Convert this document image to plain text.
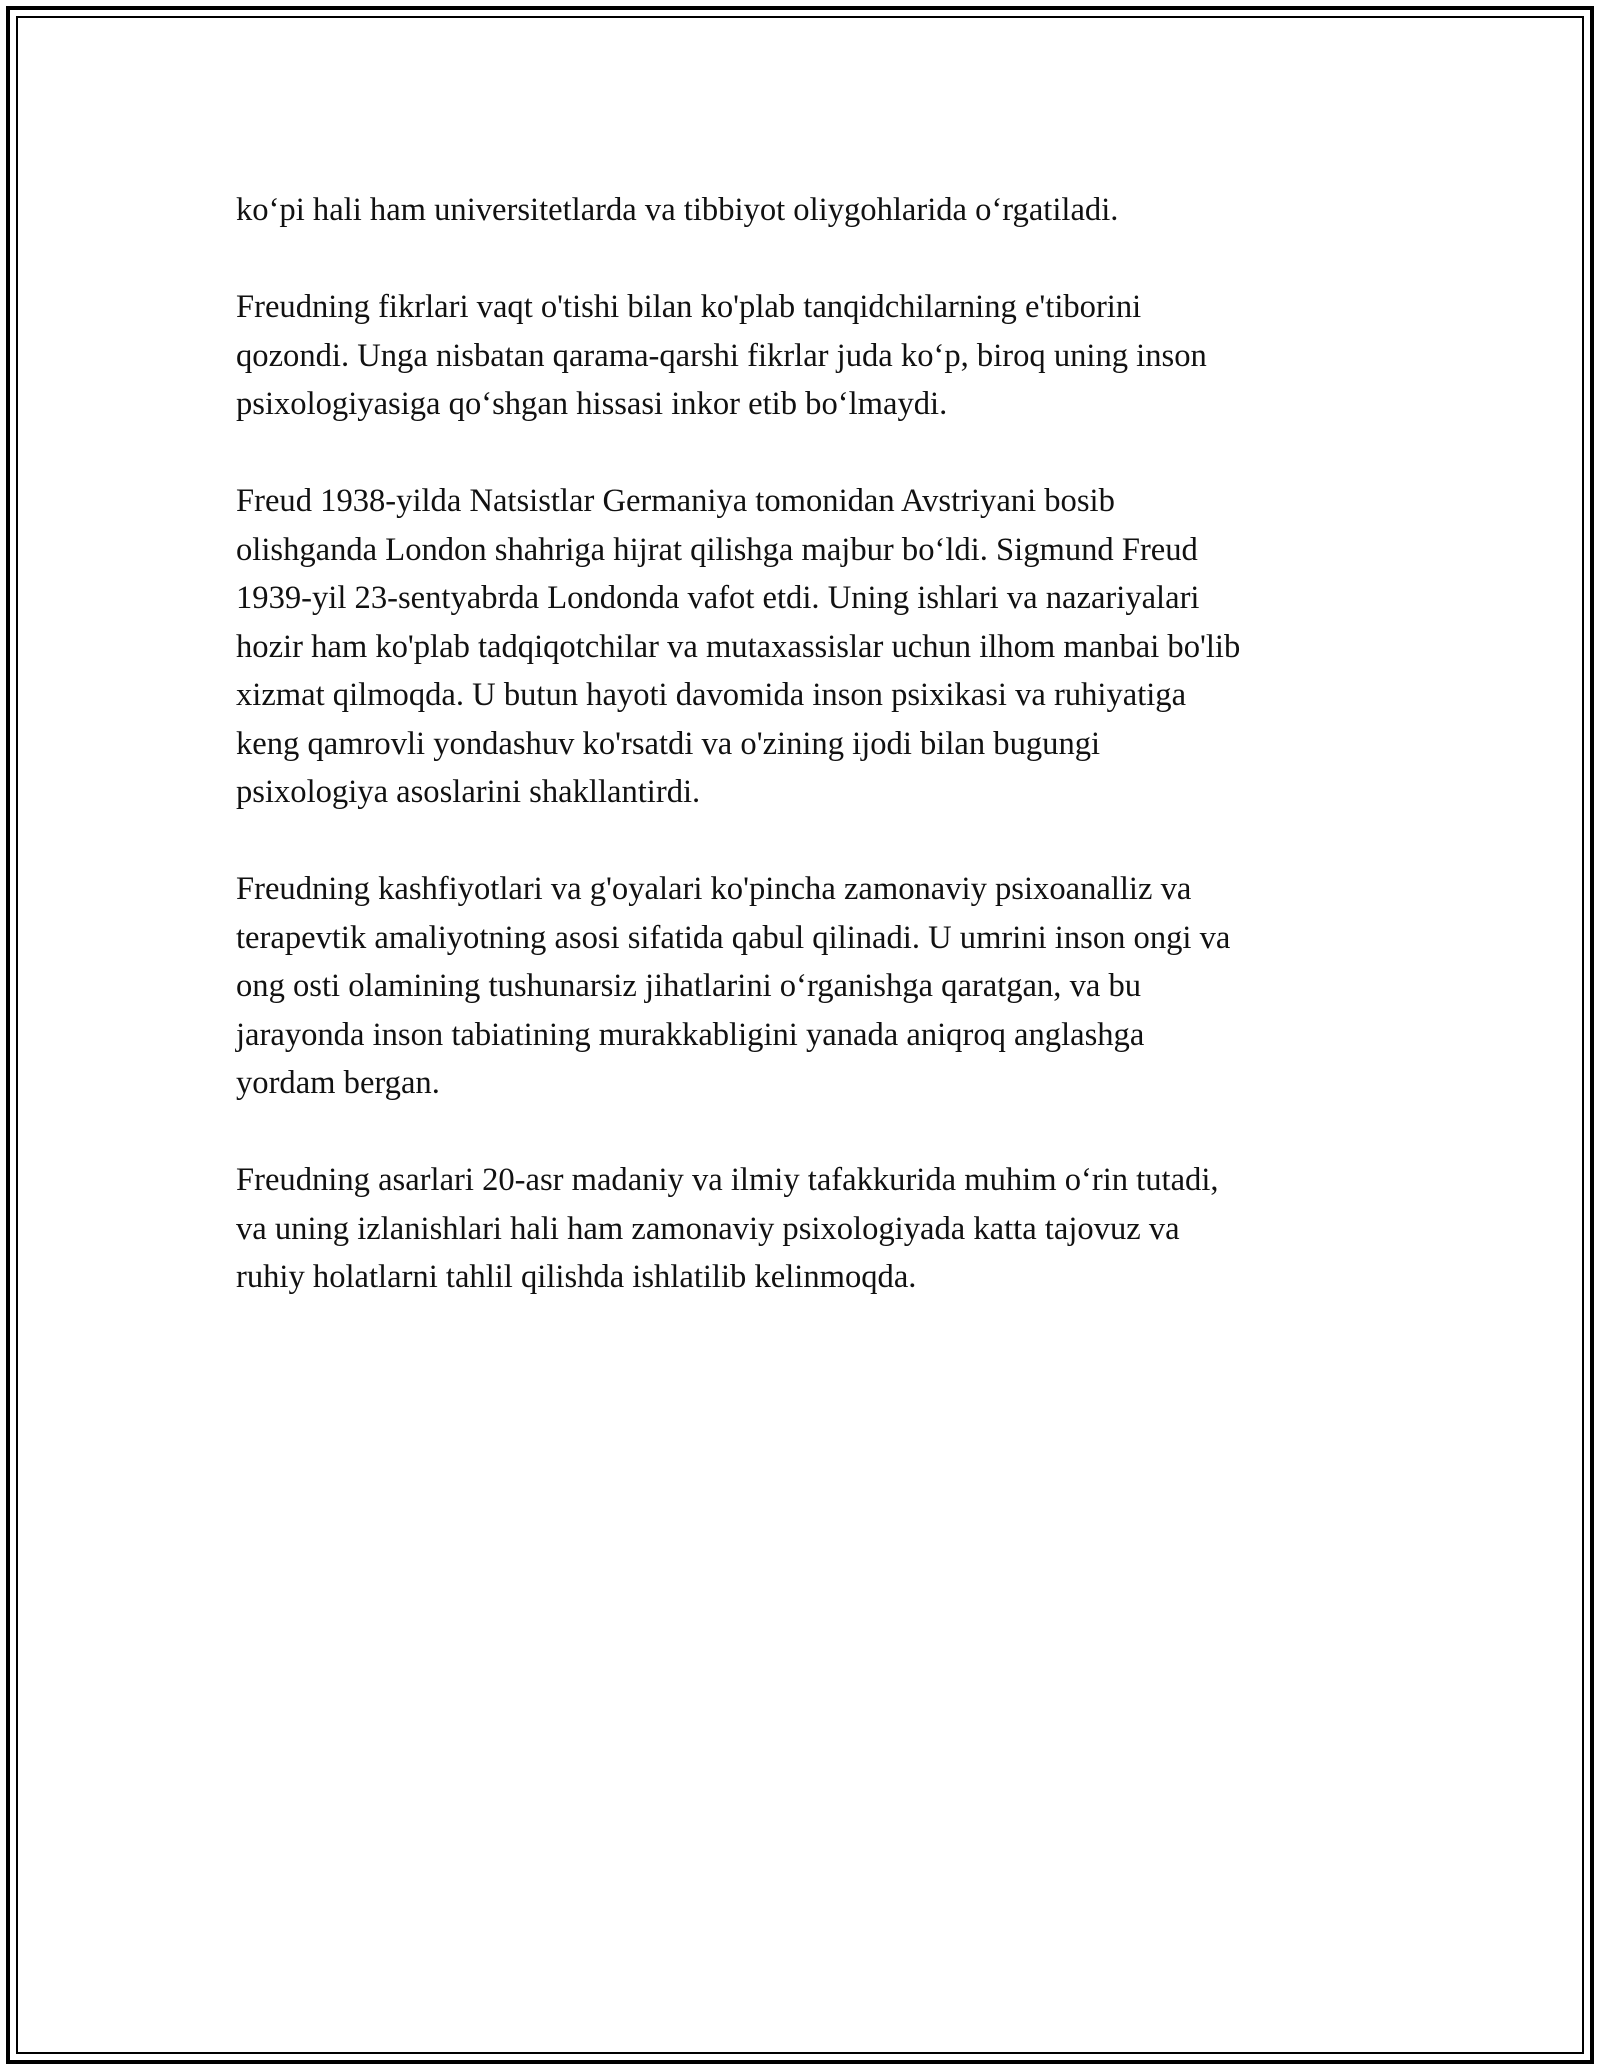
ko‘pi hali ham universitetlarda va tibbiyot oliygohlarida o‘rgatiladi.

Freudning fikrlari vaqt o'tishi bilan ko'plab tanqidchilarning e'tiborini
qozondi. Unga nisbatan qarama-qarshi fikrlar juda ko‘p, biroq uning inson
psixologiyasiga qo‘shgan hissasi inkor etib bo‘lmaydi.

Freud 1938-yilda Natsistlar Germaniya tomonidan Avstriyani bosib
olishganda London shahriga hijrat qilishga majbur bo‘ldi. Sigmund Freud
1939-yil 23-sentyabrda Londonda vafot etdi. Uning ishlari va nazariyalari
hozir ham ko'plab tadqiqotchilar va mutaxassislar uchun ilhom manbai bo'lib
xizmat qilmoqda. U butun hayoti davomida inson psixikasi va ruhiyatiga
keng qamrovli yondashuv ko'rsatdi va o'zining ijodi bilan bugungi
psixologiya asoslarini shakllantirdi.

Freudning kashfiyotlari va g'oyalari ko'pincha zamonaviy psixoanalliz va
terapevtik amaliyotning asosi sifatida qabul qilinadi. U umrini inson ongi va
ong osti olamining tushunarsiz jihatlarini o‘rganishga qaratgan, va bu
jarayonda inson tabiatining murakkabligini yanada aniqroq anglashga
yordam bergan.

Freudning asarlari 20-asr madaniy va ilmiy tafakkurida muhim o‘rin tutadi,
va uning izlanishlari hali ham zamonaviy psixologiyada katta tajovuz va
ruhiy holatlarni tahlil qilishda ishlatilib kelinmoqda.
